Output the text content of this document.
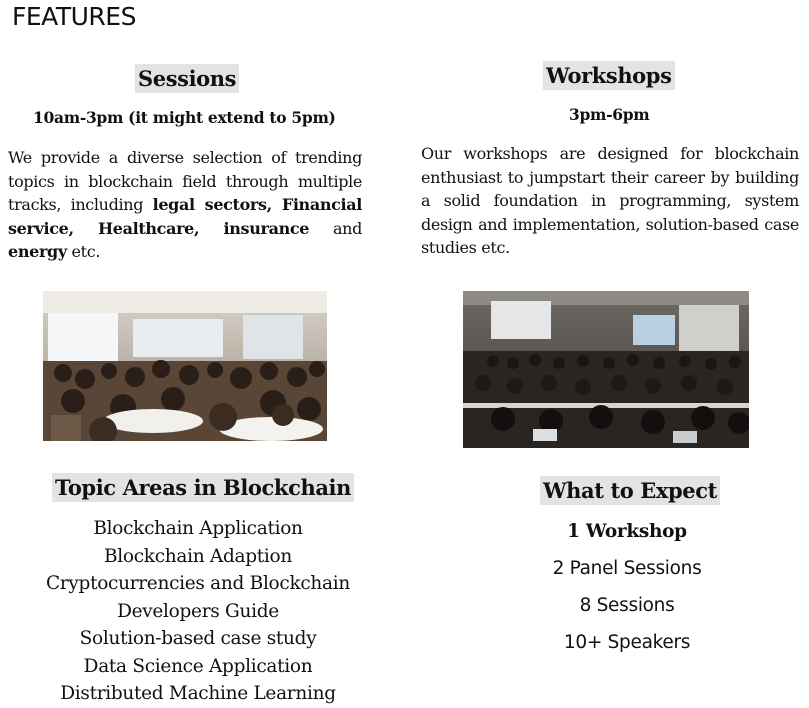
FEATURES
Sessions
10am-3pm (it might extend to 5pm)
We provide a diverse selection of trending topics in blockchain field through multiple tracks, including legal sectors, Financial service, Healthcare, insurance and energy etc.
Workshops
3pm-6pm
Our workshops are designed for blockchain enthusiast to jumpstart their career by building a solid foundation in programming, system design and implementation, solution-based case studies etc.
Topic Areas in Blockchain
Blockchain Application
Blockchain Adaption
Cryptocurrencies and Blockchain
Developers Guide
Solution-based case study
Data Science Application
Distributed Machine Learning
What to Expect
1 Workshop
2 Panel Sessions
8 Sessions
10+ Speakers
